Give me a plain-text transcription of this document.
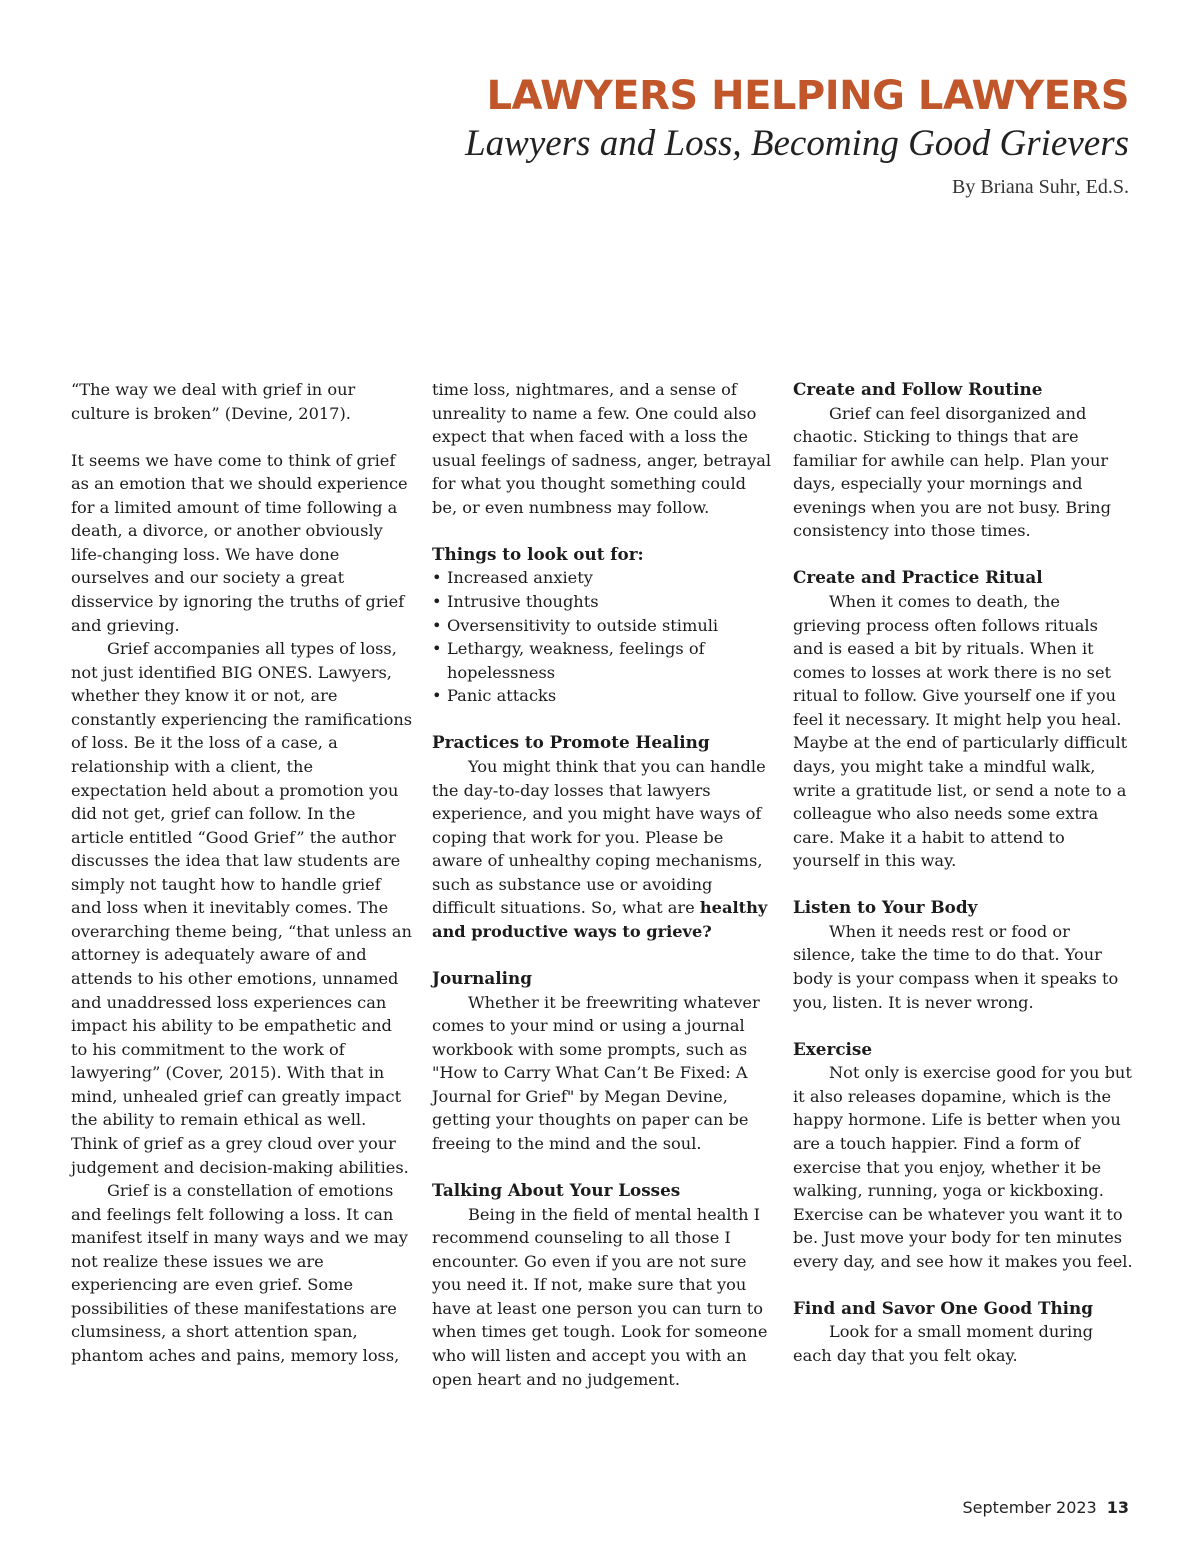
LAWYERS HELPING LAWYERS
Lawyers and Loss, Becoming Good Grievers
By Briana Suhr, Ed.S.

“The way we deal with grief in our culture is broken” (Devine, 2017).

It seems we have come to think of grief as an emotion that we should experience for a limited amount of time following a death, a divorce, or another obviously life-changing loss. We have done ourselves and our society a great disservice by ignoring the truths of grief and grieving.

Grief accompanies all types of loss, not just identified BIG ONES. Lawyers, whether they know it or not, are constantly experiencing the ramifications of loss. Be it the loss of a case, a relationship with a client, the expectation held about a promotion you did not get, grief can follow. In the article entitled “Good Grief” the author discusses the idea that law students are simply not taught how to handle grief and loss when it inevitably comes. The overarching theme being, “that unless an attorney is adequately aware of and attends to his other emotions, unnamed and unaddressed loss experiences can impact his ability to be empathetic and to his commitment to the work of lawyering” (Cover, 2015). With that in mind, unhealed grief can greatly impact the ability to remain ethical as well. Think of grief as a grey cloud over your judgement and decision-making abilities.

Grief is a constellation of emotions and feelings felt following a loss. It can manifest itself in many ways and we may not realize these issues we are experiencing are even grief. Some possibilities of these manifestations are clumsiness, a short attention span, phantom aches and pains, memory loss,

time loss, nightmares, and a sense of unreality to name a few. One could also expect that when faced with a loss the usual feelings of sadness, anger, betrayal for what you thought something could be, or even numbness may follow.

Things to look out for:
• Increased anxiety
• Intrusive thoughts
• Oversensitivity to outside stimuli
• Lethargy, weakness, feelings of hopelessness
• Panic attacks
Practices to Promote Healing

You might think that you can handle the day-to-day losses that lawyers experience, and you might have ways of coping that work for you. Please be aware of unhealthy coping mechanisms, such as substance use or avoiding difficult situations. So, what are healthy and productive ways to grieve?

Journaling

Whether it be freewriting whatever comes to your mind or using a journal workbook with some prompts, such as "How to Carry What Can’t Be Fixed: A Journal for Grief" by Megan Devine, getting your thoughts on paper can be freeing to the mind and the soul.

Talking About Your Losses

Being in the field of mental health I recommend counseling to all those I encounter. Go even if you are not sure you need it. If not, make sure that you have at least one person you can turn to when times get tough. Look for someone who will listen and accept you with an open heart and no judgement.

Create and Follow Routine

Grief can feel disorganized and chaotic. Sticking to things that are familiar for awhile can help. Plan your days, especially your mornings and evenings when you are not busy. Bring consistency into those times.

Create and Practice Ritual

When it comes to death, the grieving process often follows rituals and is eased a bit by rituals. When it comes to losses at work there is no set ritual to follow. Give yourself one if you feel it necessary. It might help you heal. Maybe at the end of particularly difficult days, you might take a mindful walk, write a gratitude list, or send a note to a colleague who also needs some extra care. Make it a habit to attend to yourself in this way.

Listen to Your Body

When it needs rest or food or silence, take the time to do that. Your body is your compass when it speaks to you, listen. It is never wrong.

Exercise

Not only is exercise good for you but it also releases dopamine, which is the happy hormone. Life is better when you are a touch happier. Find a form of exercise that you enjoy, whether it be walking, running, yoga or kickboxing. Exercise can be whatever you want it to be. Just move your body for ten minutes every day, and see how it makes you feel.

Find and Savor One Good Thing

Look for a small moment during each day that you felt okay.

September 2023 13
